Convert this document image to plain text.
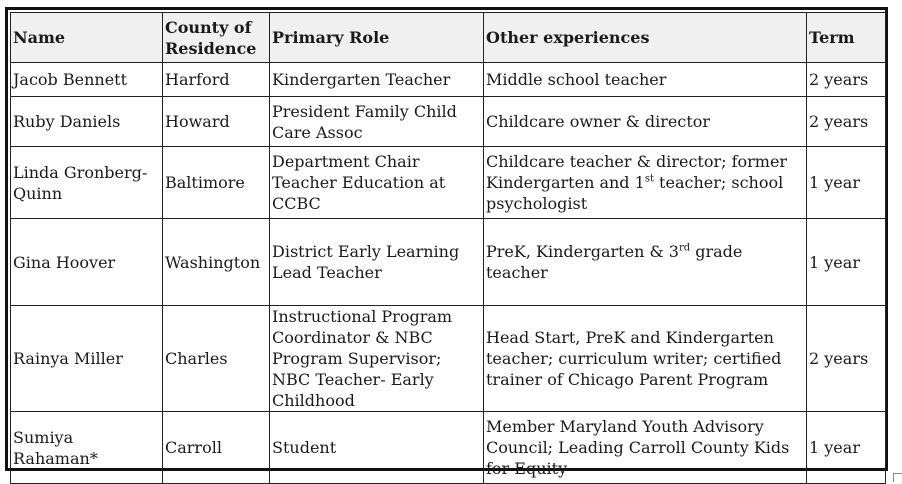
Name	County of Residence	Primary Role	Other experiences	Term
Jacob Bennett	Harford	Kindergarten Teacher	Middle school teacher	2 years
Ruby Daniels	Howard	President Family Child Care Assoc	Childcare owner & director	2 years
Linda Gronberg-Quinn	Baltimore	Department Chair Teacher Education at CCBC	Childcare teacher & director; former Kindergarten and 1st teacher; school psychologist	1 year
Gina Hoover	Washington	District Early Learning Lead Teacher	PreK, Kindergarten & 3rd grade teacher	1 year
Rainya Miller	Charles	Instructional Program Coordinator & NBC Program Supervisor; NBC Teacher- Early Childhood	Head Start, PreK and Kindergarten teacher; curriculum writer; certified trainer of Chicago Parent Program	2 years
Sumiya Rahaman*	Carroll	Student	Member Maryland Youth Advisory Council; Leading Carroll County Kids for Equity	1 year
